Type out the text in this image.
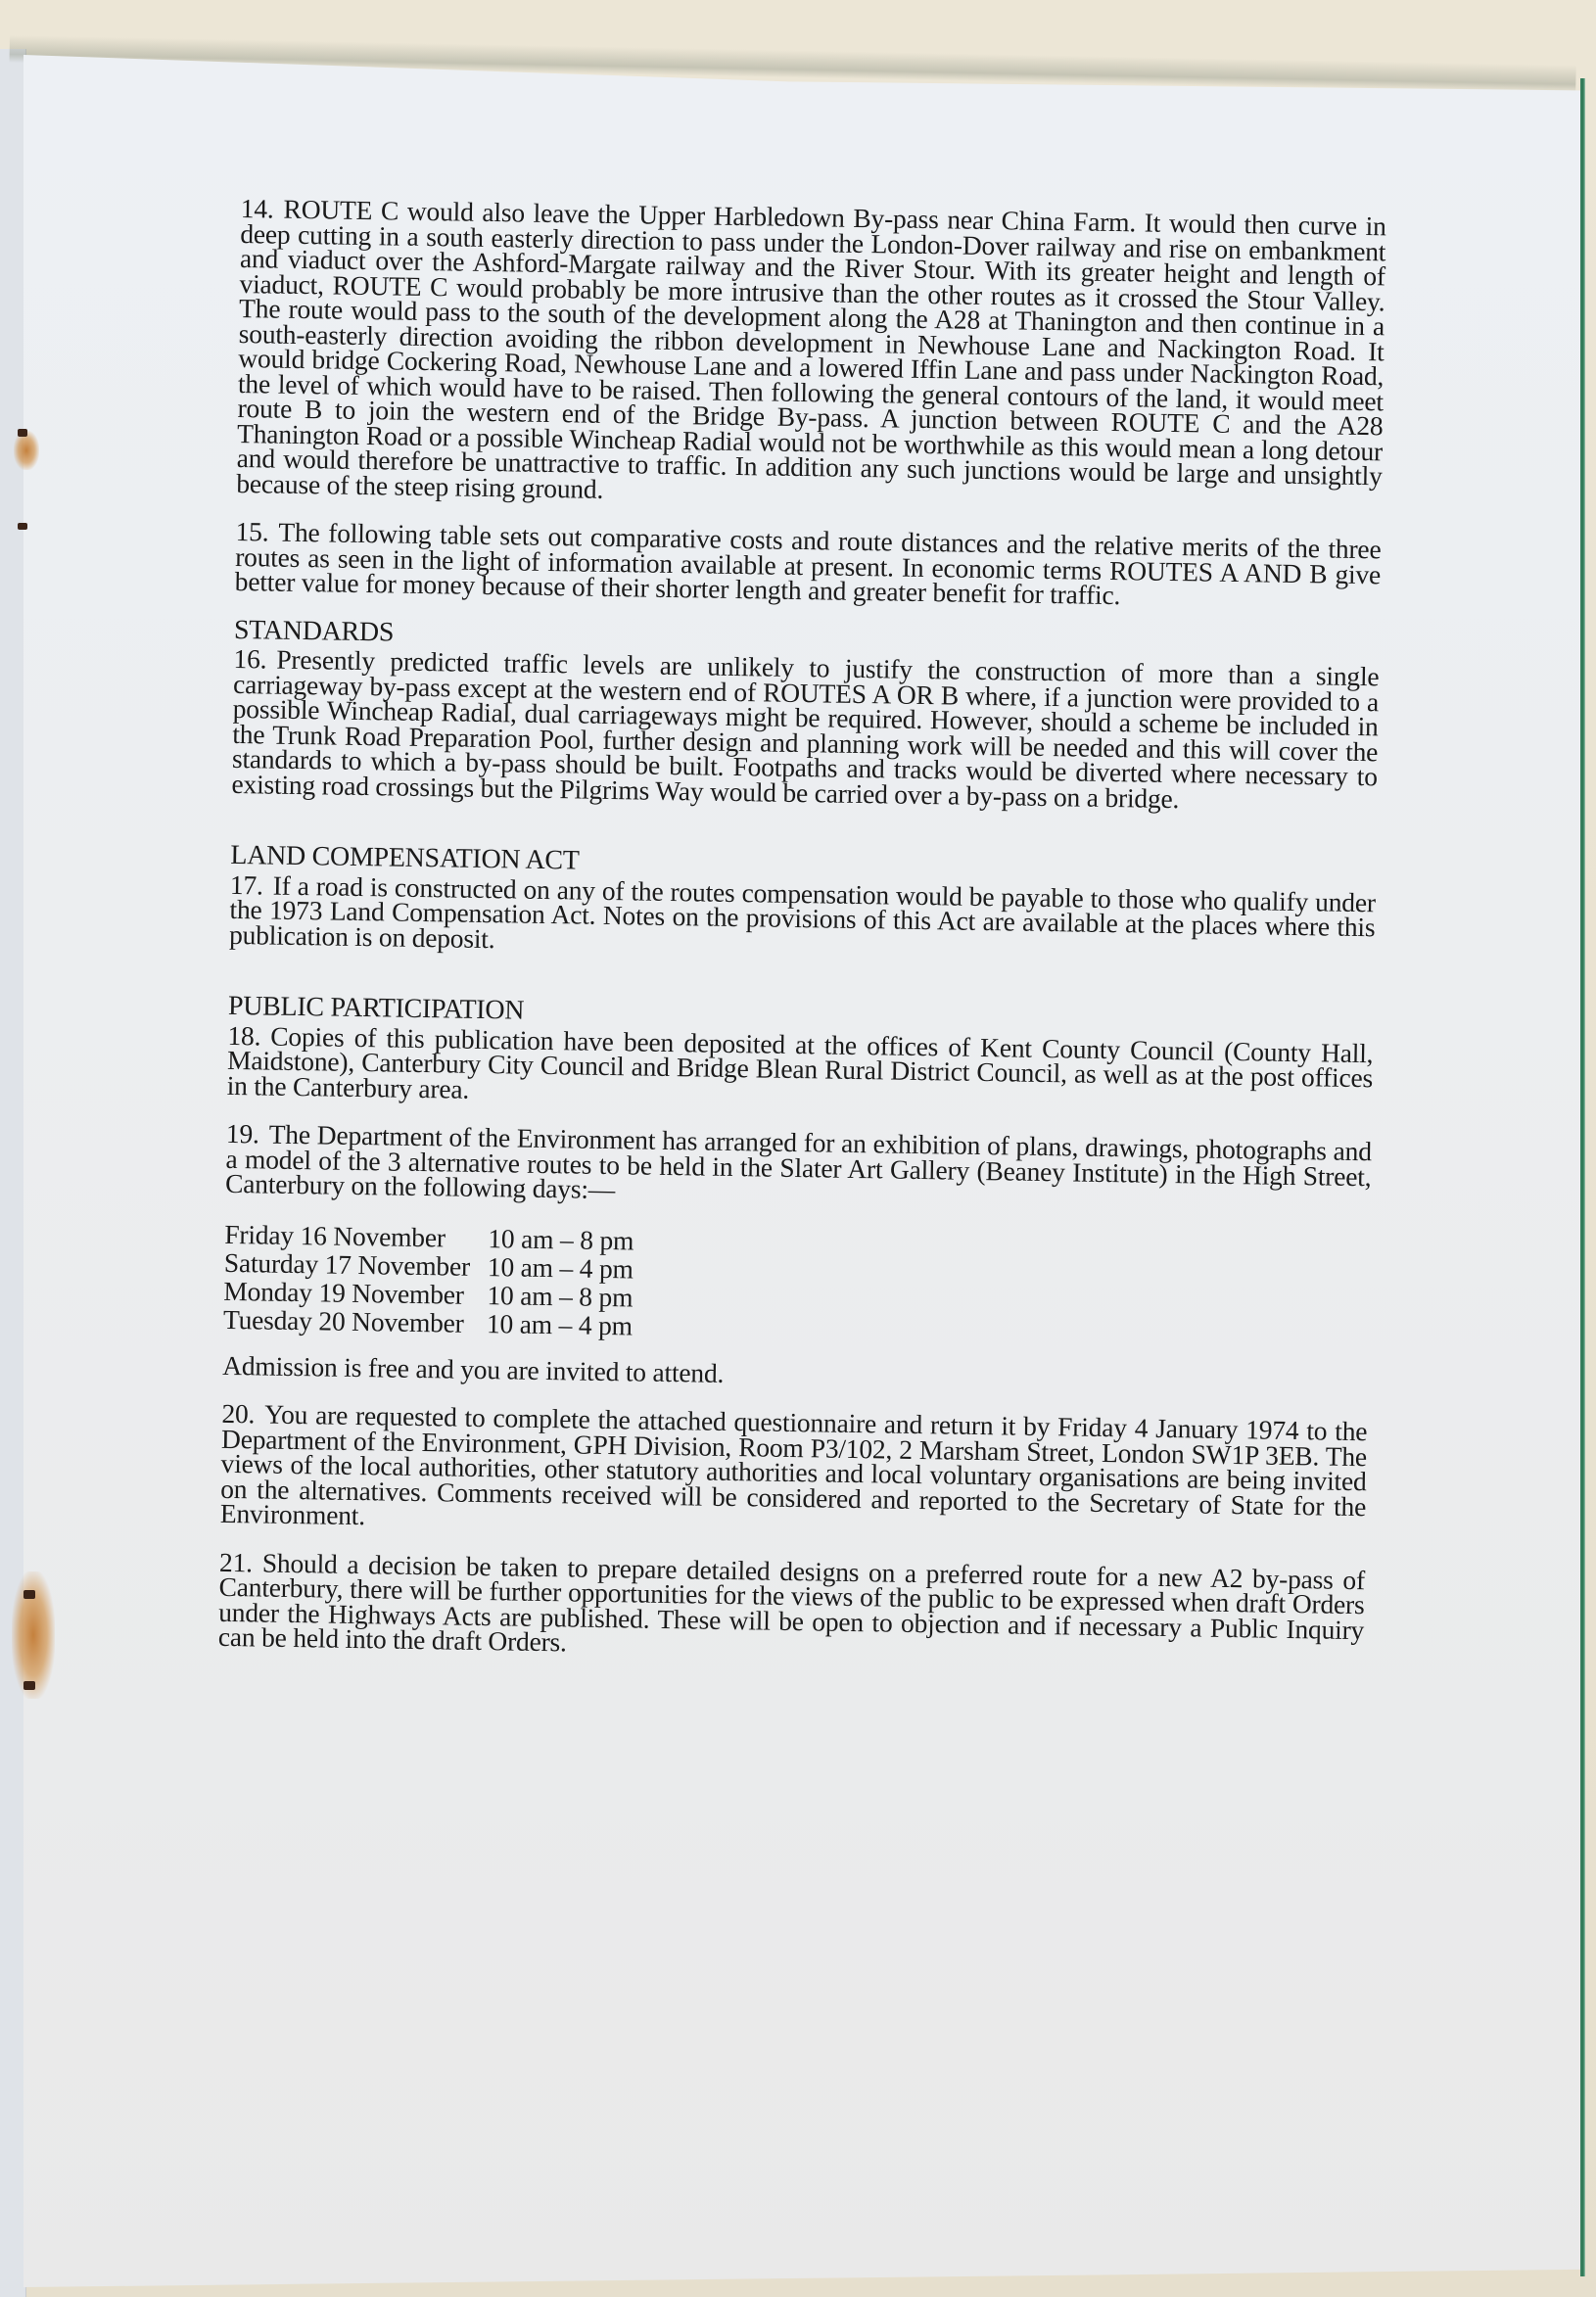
14. ROUTE C would also leave the Upper Harbledown By-pass near China Farm. It would then curve in deep cutting in a south easterly direction to pass under the London-Dover railway and rise on embankment and viaduct over the Ashford-Margate railway and the River Stour. With its greater height and length of viaduct, ROUTE C would probably be more intrusive than the other routes as it crossed the Stour Valley. The route would pass to the south of the development along the A28 at Thanington and then continue in a south-easterly direction avoiding the ribbon development in Newhouse Lane and Nackington Road. It would bridge Cockering Road, Newhouse Lane and a lowered Iffin Lane and pass under Nackington Road, the level of which would have to be raised. Then following the general contours of the land, it would meet route B to join the western end of the Bridge By-pass. A junction between ROUTE C and the A28 Thanington Road or a possible Wincheap Radial would not be worthwhile as this would mean a long detour and would therefore be unattractive to traffic. In addition any such junctions would be large and unsightly because of the steep rising ground.

15. The following table sets out comparative costs and route distances and the relative merits of the three routes as seen in the light of information available at present. In economic terms ROUTES A AND B give better value for money because of their shorter length and greater benefit for traffic.

STANDARDS

16. Presently predicted traffic levels are unlikely to justify the construction of more than a single carriageway by-pass except at the western end of ROUTES A OR B where, if a junction were provided to a possible Wincheap Radial, dual carriageways might be required. However, should a scheme be included in the Trunk Road Preparation Pool, further design and planning work will be needed and this will cover the standards to which a by-pass should be built. Footpaths and tracks would be diverted where necessary to existing road crossings but the Pilgrims Way would be carried over a by-pass on a bridge.

LAND COMPENSATION ACT

17. If a road is constructed on any of the routes compensation would be payable to those who qualify under the 1973 Land Compensation Act. Notes on the provisions of this Act are available at the places where this publication is on deposit.

PUBLIC PARTICIPATION

18. Copies of this publication have been deposited at the offices of Kent County Council (County Hall, Maidstone), Canterbury City Council and Bridge Blean Rural District Council, as well as at the post offices in the Canterbury area.

19. The Department of the Environment has arranged for an exhibition of plans, drawings, photographs and a model of the 3 alternative routes to be held in the Slater Art Gallery (Beaney Institute) in the High Street, Canterbury on the following days:—

Friday 16 November	10 am – 8 pm
Saturday 17 November	10 am – 4 pm
Monday 19 November	10 am – 8 pm
Tuesday 20 November	10 am – 4 pm

Admission is free and you are invited to attend.

20. You are requested to complete the attached questionnaire and return it by Friday 4 January 1974 to the Department of the Environment, GPH Division, Room P3/102, 2 Marsham Street, London SW1P 3EB. The views of the local authorities, other statutory authorities and local voluntary organisations are being invited on the alternatives. Comments received will be considered and reported to the Secretary of State for the Environment.

21. Should a decision be taken to prepare detailed designs on a preferred route for a new A2 by-pass of Canterbury, there will be further opportunities for the views of the public to be expressed when draft Orders under the Highways Acts are published. These will be open to objection and if necessary a Public Inquiry can be held into the draft Orders.
